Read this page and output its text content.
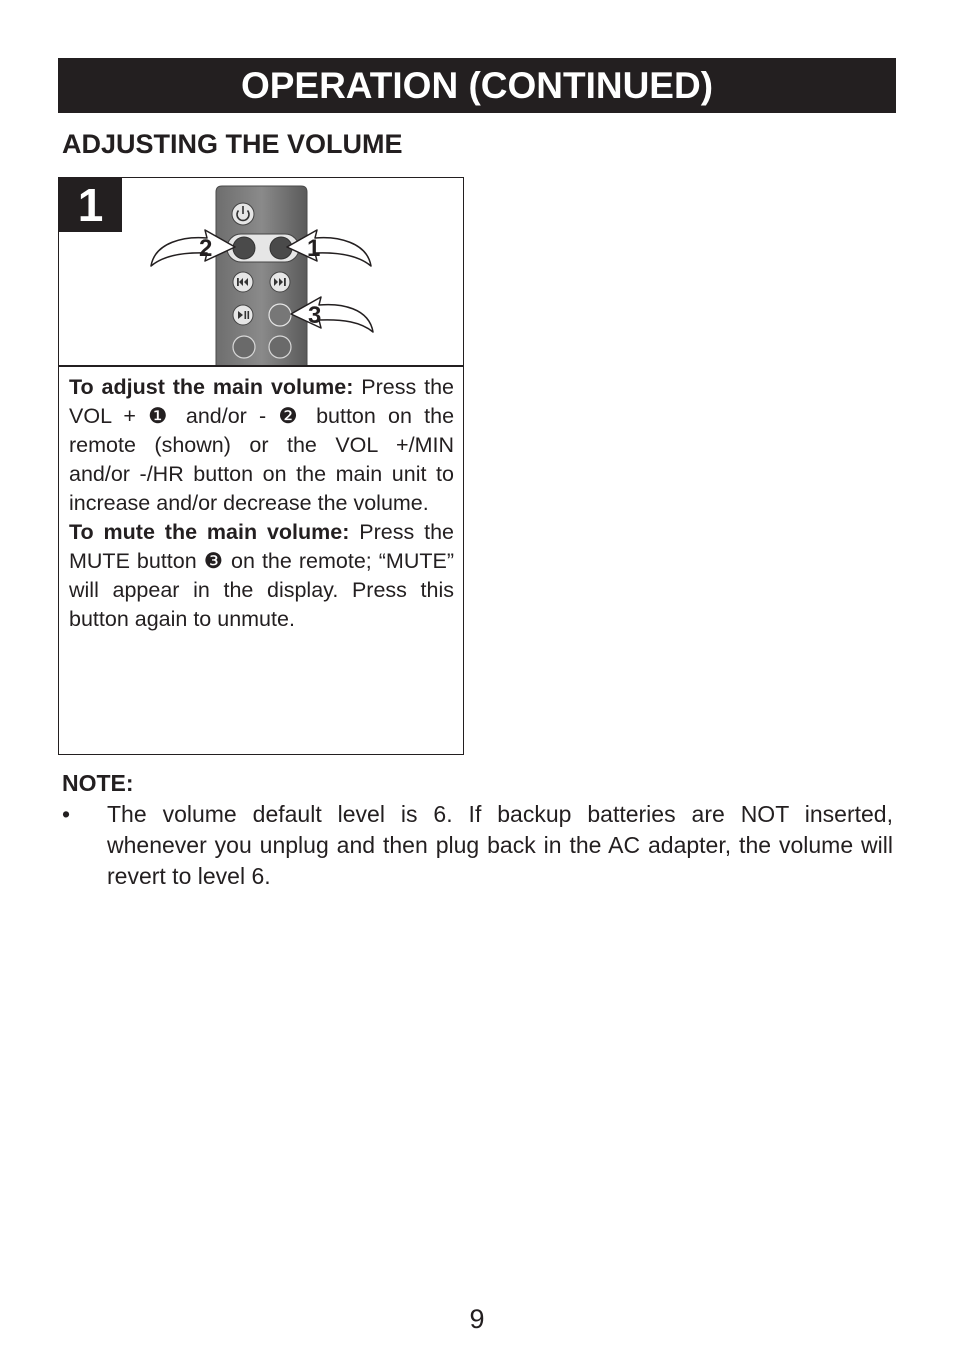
OPERATION (CONTINUED)
ADJUSTING THE VOLUME
2	1
3
1

To adjust the main volume: Press the VOL + ❶ and/or - ❷ button on the remote (shown) or the VOL +/MIN and/or -/HR button on the main unit to increase and/or decrease the volume.

To mute the main volume: Press the MUTE button ❸ on the remote; “MUTE” will appear in the display. Press this button again to unmute.

NOTE:
• The volume default level is 6. If backup batteries are NOT inserted, whenever you unplug and then plug back in the AC adapter, the volume will revert to level 6.
9
